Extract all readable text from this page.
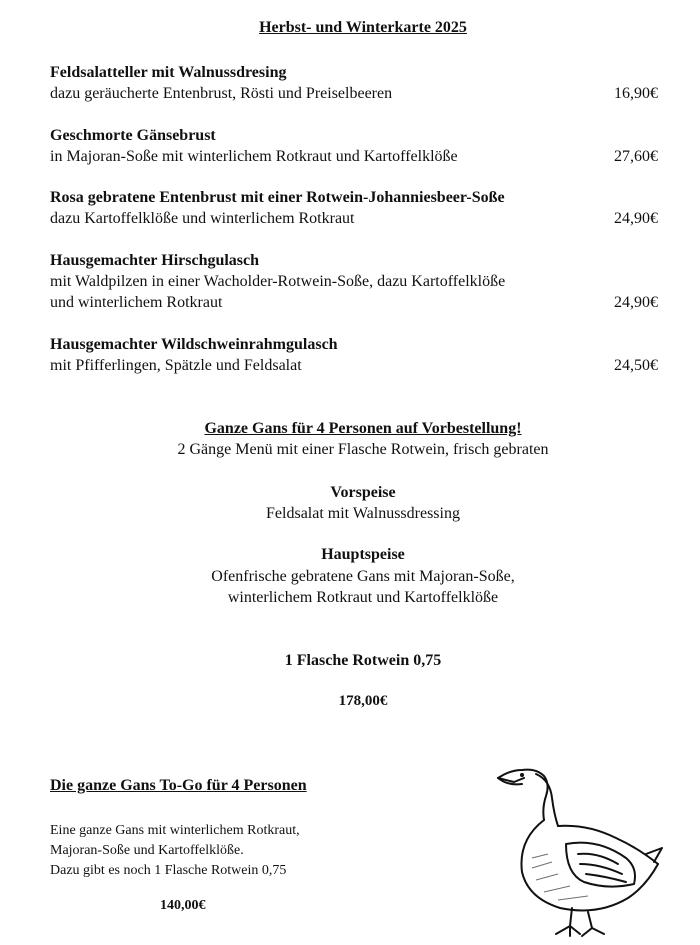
Herbst- und Winterkarte 2025
Feldsalatteller mit Walnussdresing
dazu geräucherte Entenbrust, Rösti und Preiselbeeren	16,90€
Geschmorte Gänsebrust
in Majoran-Soße mit winterlichem Rotkraut und Kartoffelklöße	27,60€
Rosa gebratene Entenbrust mit einer Rotwein-Johanniesbeer-Soße
dazu Kartoffelklöße und winterlichem Rotkraut	24,90€
Hausgemachter Hirschgulasch
mit Waldpilzen in einer Wacholder-Rotwein-Soße, dazu Kartoffelklöße
und winterlichem Rotkraut	24,90€
Hausgemachter Wildschweinrahmgulasch
mit Pfifferlingen, Spätzle und Feldsalat	24,50€
Ganze Gans für 4 Personen auf Vorbestellung!
2 Gänge Menü mit einer Flasche Rotwein, frisch gebraten
Vorspeise
Feldsalat mit Walnussdressing
Hauptspeise
Ofenfrische gebratene Gans mit Majoran-Soße,
winterlichem Rotkraut und Kartoffelklöße
1 Flasche Rotwein 0,75
178,00€
Die ganze Gans To-Go für 4 Personen
Eine ganze Gans mit winterlichem Rotkraut,
Majoran-Soße und Kartoffelklöße.
Dazu gibt es noch 1 Flasche Rotwein 0,75
140,00€
